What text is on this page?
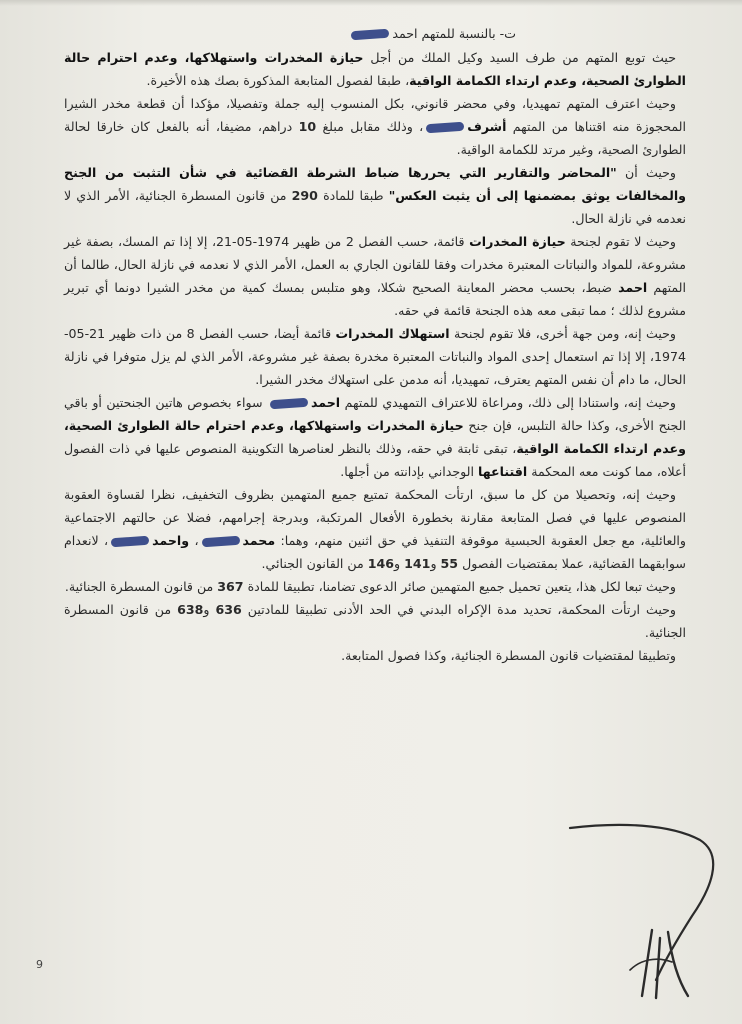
ت- بالنسبة للمتهم احمد

حيث توبع المتهم من طرف السيد وكيل الملك من أجل حيازة المخدرات واستهلاكها، وعدم احترام حالة الطوارئ الصحية، وعدم ارتداء الكمامة الواقية، طبقا لفصول المتابعة المذكورة بصك هذه الأخيرة.

وحيث اعترف المتهم تمهيديا، وفي محضر قانوني، بكل المنسوب إليه جملة وتفصيلا، مؤكدا أن قطعة مخدر الشيرا المحجوزة منه اقتناها من المتهم أشرف، وذلك مقابل مبلغ 10 دراهم، مضيفا، أنه بالفعل كان خارقا لحالة الطوارئ الصحية، وغير مرتد للكمامة الواقية.

وحيث أن "المحاضر والتقارير التي يحررها ضباط الشرطة القضائية في شأن التثبت من الجنح والمخالفات يوثق بمضمنها إلى أن يثبت العكس" طبقا للمادة 290 من قانون المسطرة الجنائية، الأمر الذي لا نعدمه في نازلة الحال.

وحيث لا تقوم لجنحة حيازة المخدرات قائمة، حسب الفصل 2 من ظهير 1974-05-21، إلا إذا تم المسك، بصفة غير مشروعة، للمواد والنباتات المعتبرة مخدرات وفقا للقانون الجاري به العمل، الأمر الذي لا نعدمه في نازلة الحال، طالما أن المتهم احمد ضبط، بحسب محضر المعاينة الصحيح شكلا، وهو متلبس بمسك كمية من مخدر الشيرا دونما أي تبرير مشروع لذلك ؛ مما تبقى معه هذه الجنحة قائمة في حقه.

وحيث إنه، ومن جهة أخرى، فلا تقوم لجنحة استهلاك المخدرات قائمة أيضا، حسب الفصل 8 من ذات ظهير 21-05-1974، إلا إذا تم استعمال إحدى المواد والنباتات المعتبرة مخدرة بصفة غير مشروعة، الأمر الذي لم يزل متوفرا في نازلة الحال، ما دام أن نفس المتهم يعترف، تمهيديا، أنه مدمن على استهلاك مخدر الشيرا.

وحيث إنه، واستنادا إلى ذلك، ومراعاة للاعتراف التمهيدي للمتهم احمد سواء بخصوص هاتين الجنحتين أو باقي الجنح الأخرى، وكذا حالة التلبس، فإن جنح حيازة المخدرات واستهلاكها، وعدم احترام حالة الطوارئ الصحية، وعدم ارتداء الكمامة الواقية، تبقى ثابتة في حقه، وذلك بالنظر لعناصرها التكوينية المنصوص عليها في ذات الفصول أعلاه، مما كونت معه المحكمة اقتناعها الوجداني بإدانته من أجلها.

وحيث إنه، وتحصيلا من كل ما سبق، ارتأت المحكمة تمتيع جميع المتهمين بظروف التخفيف، نظرا لقساوة العقوبة المنصوص عليها في فصل المتابعة مقارنة بخطورة الأفعال المرتكبة، وبدرجة إجرامهم، فضلا عن حالتهم الاجتماعية والعائلية، مع جعل العقوبة الحبسية موقوفة التنفيذ في حق اثنين منهم، وهما: محمد، واحمد، لانعدام سوابقهما القضائية، عملا بمقتضيات الفصول 55 و141 و146 من القانون الجنائي.

وحيث تبعا لكل هذا، يتعين تحميل جميع المتهمين صائر الدعوى تضامنا، تطبيقا للمادة 367 من قانون المسطرة الجنائية.

وحيث ارتأت المحكمة، تحديد مدة الإكراه البدني في الحد الأدنى تطبيقا للمادتين 636 و638 من قانون المسطرة الجنائية.

وتطبيقا لمقتضيات قانون المسطرة الجنائية، وكذا فصول المتابعة.

9
